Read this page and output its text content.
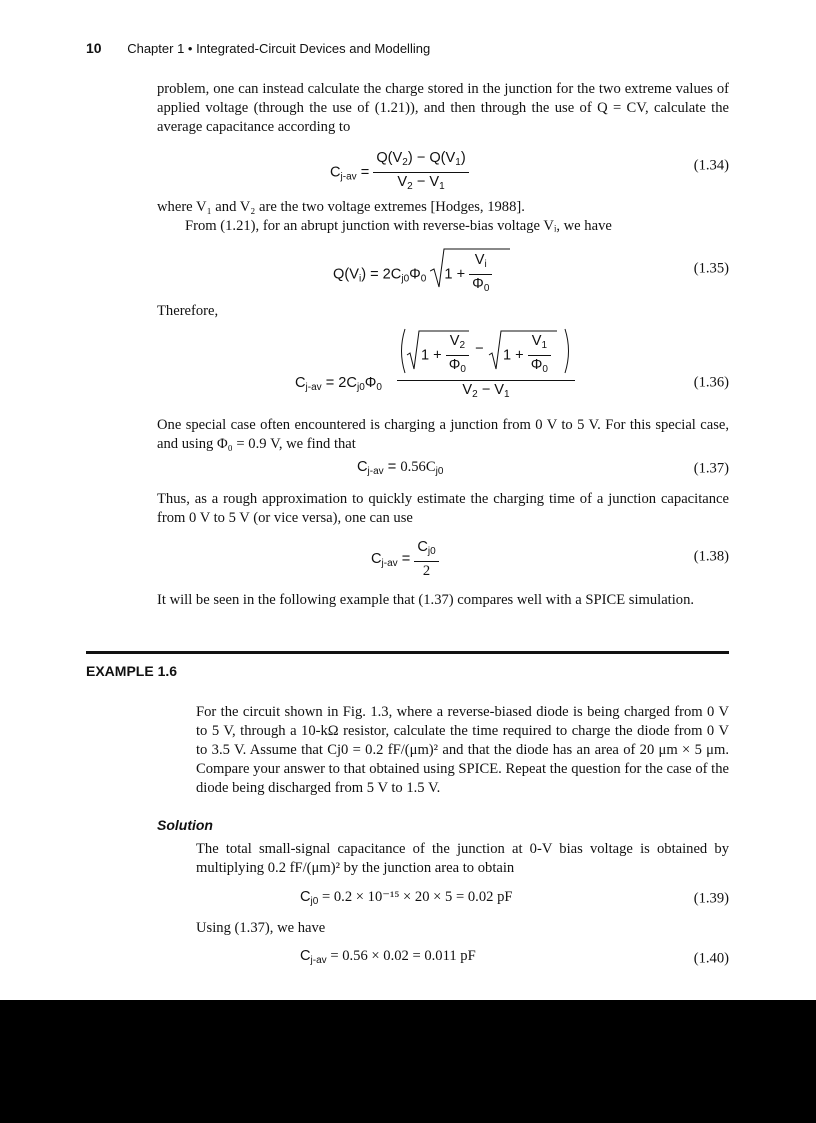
10 Chapter 1 • Integrated-Circuit Devices and Modelling

problem, one can instead calculate the charge stored in the junction for the two extreme values of applied voltage (through the use of (1.21)), and then through the use of Q = CV, calculate the average capacitance according to

$C_{j-av} = \frac{Q(V_2) - Q(V_1)}{V_2 - V_1}$	(1.34)

where V₁ and V₂ are the two voltage extremes [Hodges, 1988].

From (1.21), for an abrupt junction with reverse-bias voltage Vᵢ, we have

$Q(V_i) = 2C_{j0}\Phi_0$
$1 + \frac{V_i}{\Phi_0}$	(1.35)

Therefore,

$C_{j-av} = 2C_{j0}\Phi_0$
$1 + \frac{V_2}{\Phi_0} - 1 + \frac{V_1}{\Phi_0}$
$V_2 - V_1$
(1.36)

One special case often encountered is charging a junction from 0 V to 5 V. For this special case, and using Φ₀ = 0.9 V, we find that

$C_{j-av} = 0.56C_{j0}$	(1.37)

Thus, as a rough approximation to quickly estimate the charging time of a junction capacitance from 0 V to 5 V (or vice versa), one can use

$C_{j-av} = \frac{C_{j0}}{2}$	(1.38)

It will be seen in the following example that (1.37) compares well with a SPICE simulation.

EXAMPLE 1.6

For the circuit shown in Fig. 1.3, where a reverse-biased diode is being charged from 0 V to 5 V, through a 10-kΩ resistor, calculate the time required to charge the diode from 0 V to 3.5 V. Assume that Cj0 = 0.2 fF/(μm)² and that the diode has an area of 20 μm × 5 μm. Compare your answer to that obtained using SPICE. Repeat the question for the case of the diode being discharged from 5 V to 1.5 V.

Solution

The total small-signal capacitance of the junction at 0-V bias voltage is obtained by multiplying 0.2 fF/(μm)² by the junction area to obtain

$C_{j0} = 0.2 \times 10^{-15} \times 20 \times 5 = 0.02$ pF	(1.39)

Using (1.37), we have

$C_{j-av} = 0.56 \times 0.02 = 0.011$ pF	(1.40)
